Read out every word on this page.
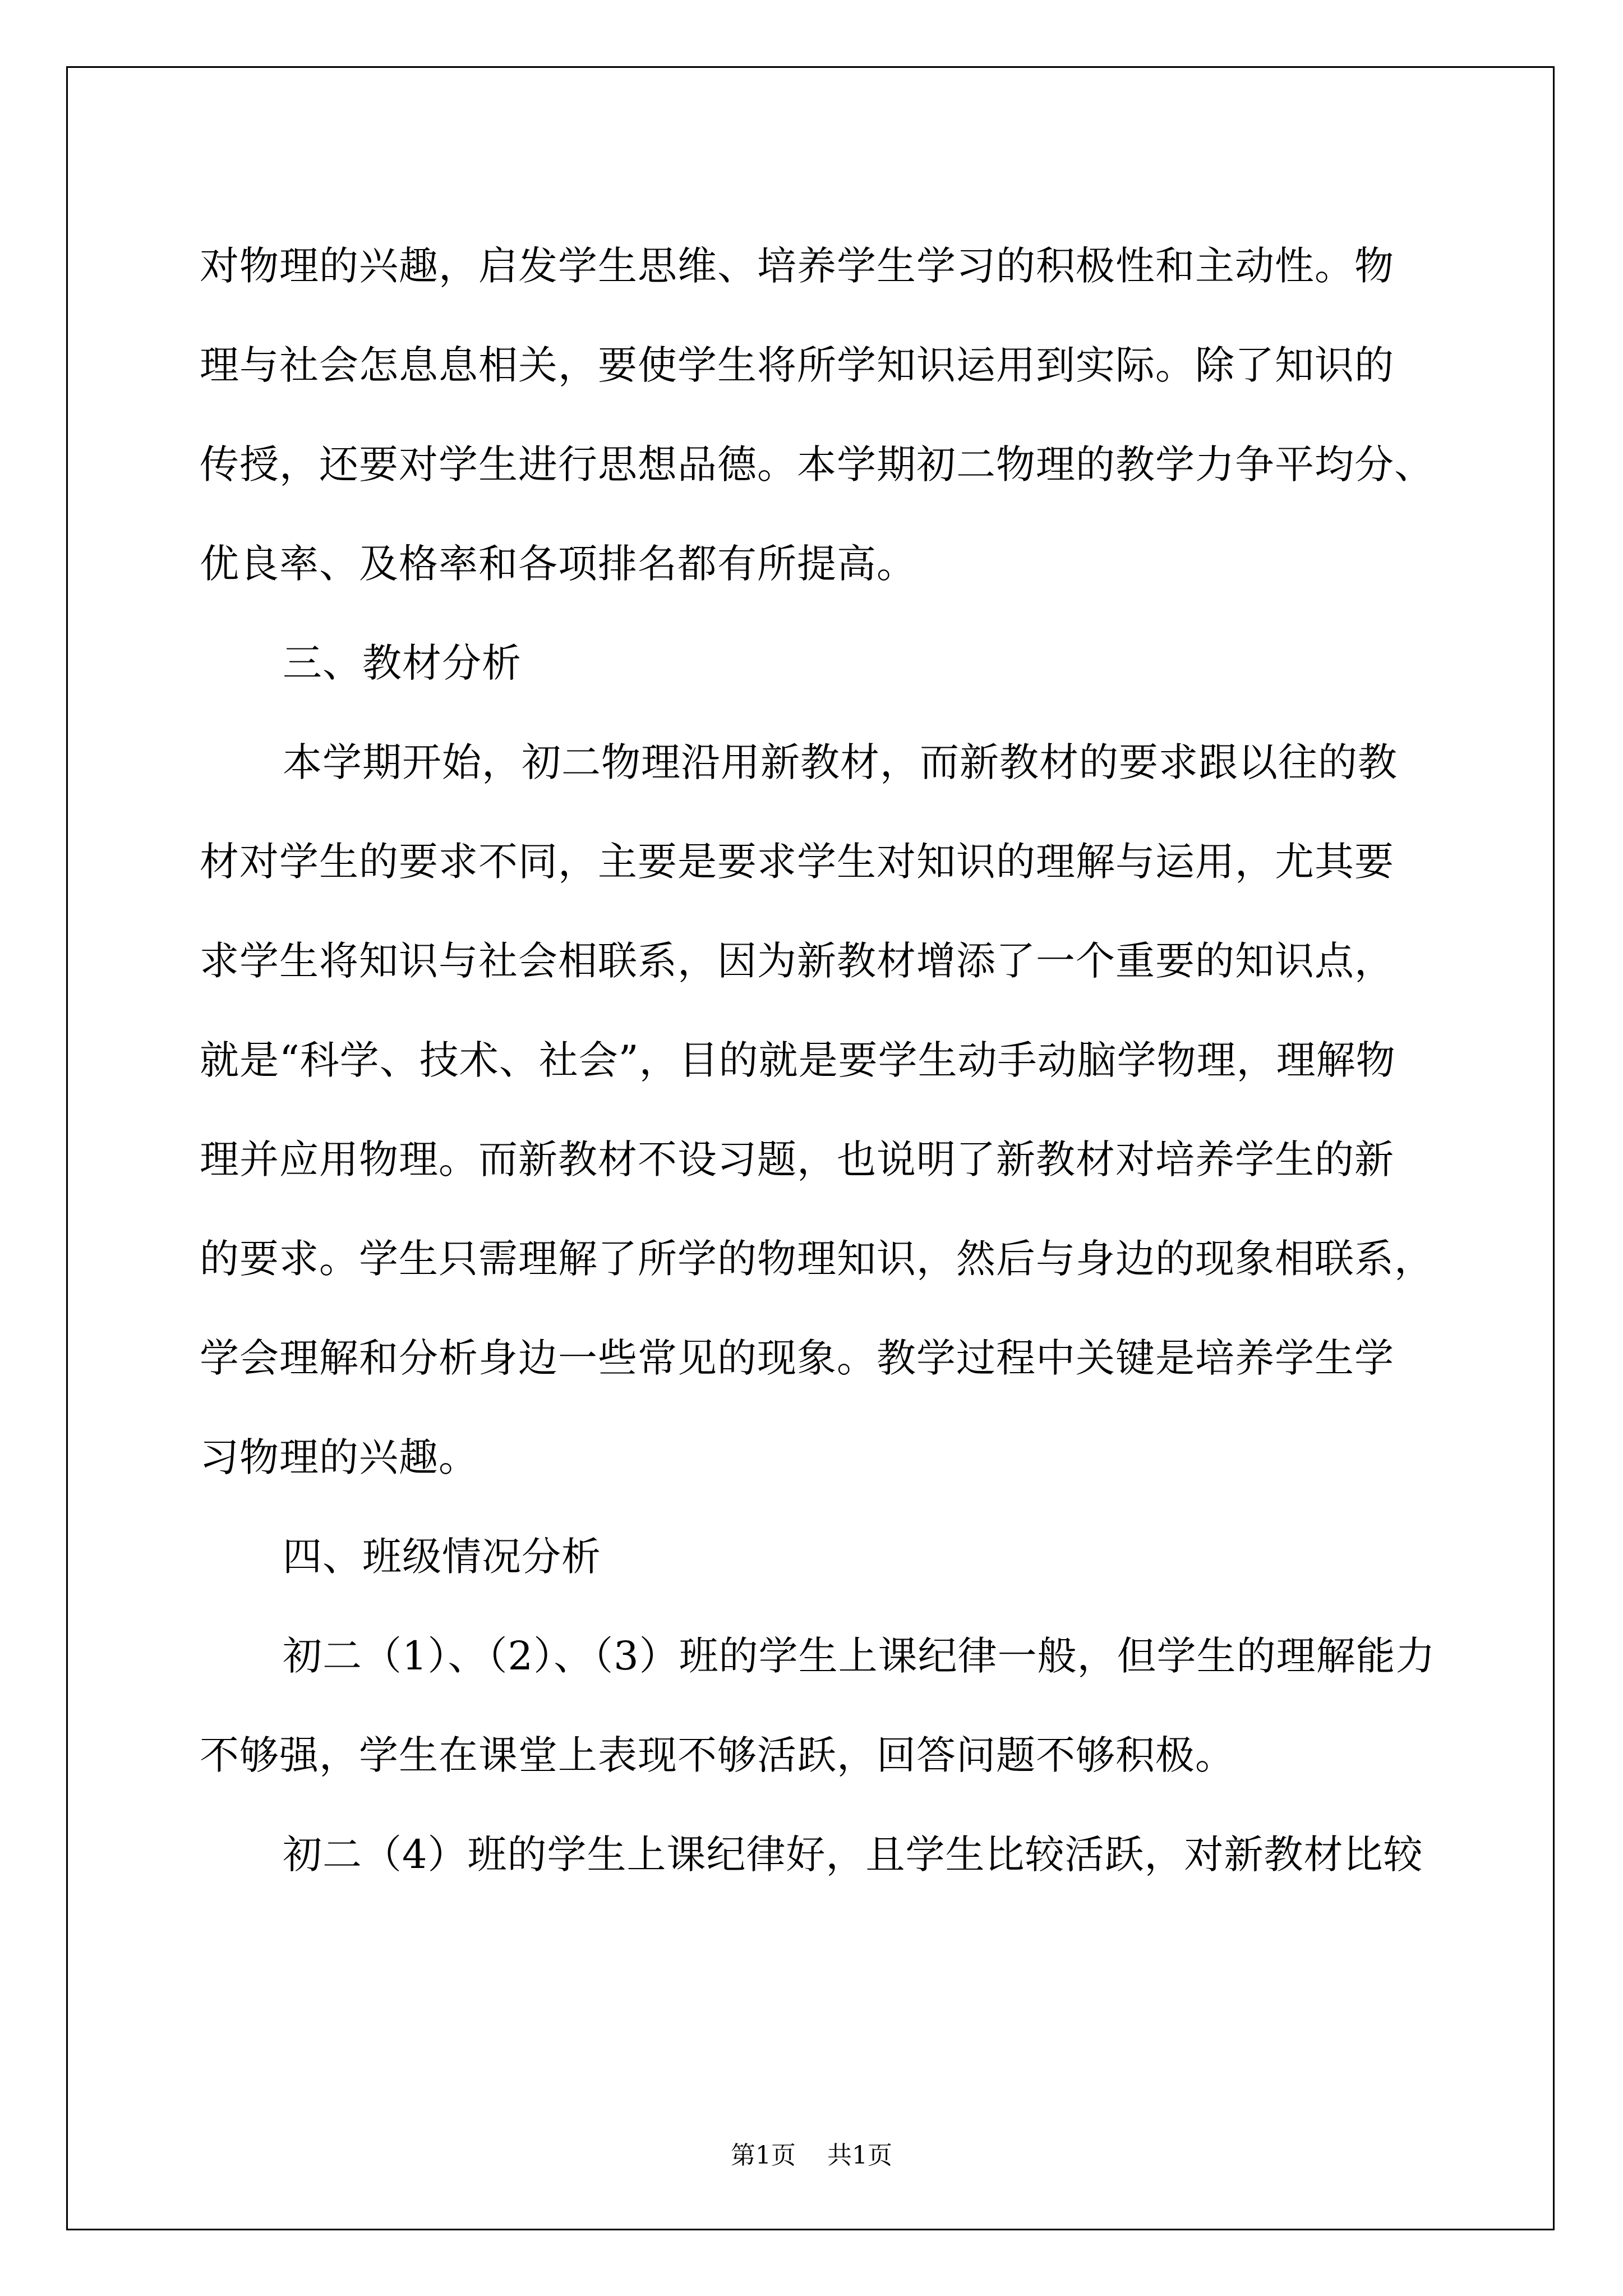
对物理的兴趣，启发学生思维、培养学生学习的积极性和主动性。物
理与社会怎息息相关，要使学生将所学知识运用到实际。除了知识的
传授，还要对学生进行思想品德。本学期初二物理的教学力争平均分、
优良率、及格率和各项排名都有所提高。
三、教材分析
本学期开始，初二物理沿用新教材，而新教材的要求跟以往的教
材对学生的要求不同，主要是要求学生对知识的理解与运用，尤其要
求学生将知识与社会相联系，因为新教材增添了一个重要的知识点，
就是“科学、技术、社会”，目的就是要学生动手动脑学物理，理解物
理并应用物理。而新教材不设习题，也说明了新教材对培养学生的新
的要求。学生只需理解了所学的物理知识，然后与身边的现象相联系，
学会理解和分析身边一些常见的现象。教学过程中关键是培养学生学
习物理的兴趣。
四、班级情况分析
初二（1）、（2）、（3）班的学生上课纪律一般，但学生的理解能力
不够强，学生在课堂上表现不够活跃，回答问题不够积极。
初二（4）班的学生上课纪律好，且学生比较活跃，对新教材比较
第1页    共1页
